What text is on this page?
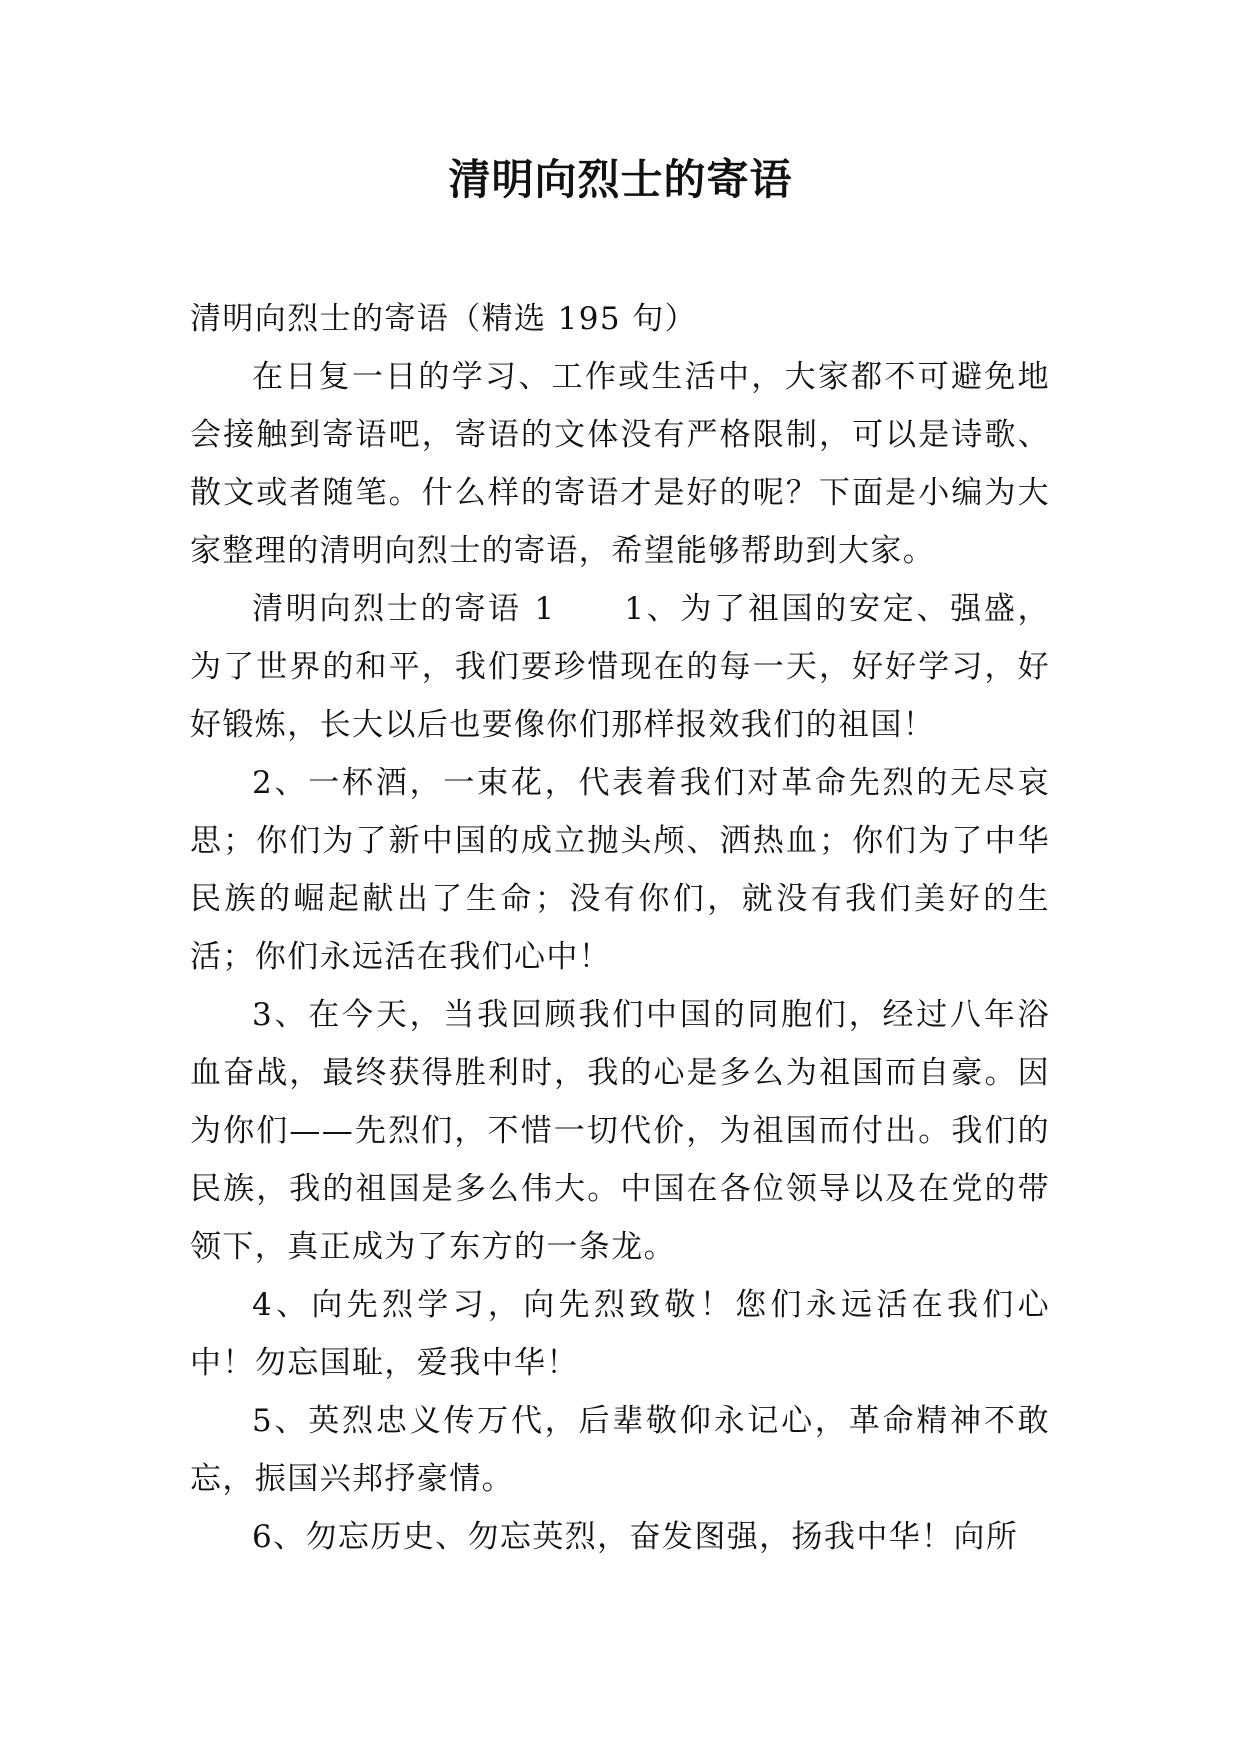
清明向烈士的寄语

清明向烈士的寄语（精选 195 句）

在日复一日的学习、工作或生活中，大家都不可避免地会接触到寄语吧，寄语的文体没有严格限制，可以是诗歌、散文或者随笔。什么样的寄语才是好的呢？下面是小编为大家整理的清明向烈士的寄语，希望能够帮助到大家。

清明向烈士的寄语 1　　1、为了祖国的安定、强盛，为了世界的和平，我们要珍惜现在的每一天，好好学习，好好锻炼，长大以后也要像你们那样报效我们的祖国！

2、一杯酒，一束花，代表着我们对革命先烈的无尽哀思；你们为了新中国的成立抛头颅、洒热血；你们为了中华民族的崛起献出了生命；没有你们，就没有我们美好的生活；你们永远活在我们心中！

3、在今天，当我回顾我们中国的同胞们，经过八年浴血奋战，最终获得胜利时，我的心是多么为祖国而自豪。因为你们——先烈们，不惜一切代价，为祖国而付出。我们的民族，我的祖国是多么伟大。中国在各位领导以及在党的带领下，真正成为了东方的一条龙。

4、向先烈学习，向先烈致敬！您们永远活在我们心中！勿忘国耻，爱我中华！

5、英烈忠义传万代，后辈敬仰永记心，革命精神不敢忘，振国兴邦抒豪情。

6、勿忘历史、勿忘英烈，奋发图强，扬我中华！向所
